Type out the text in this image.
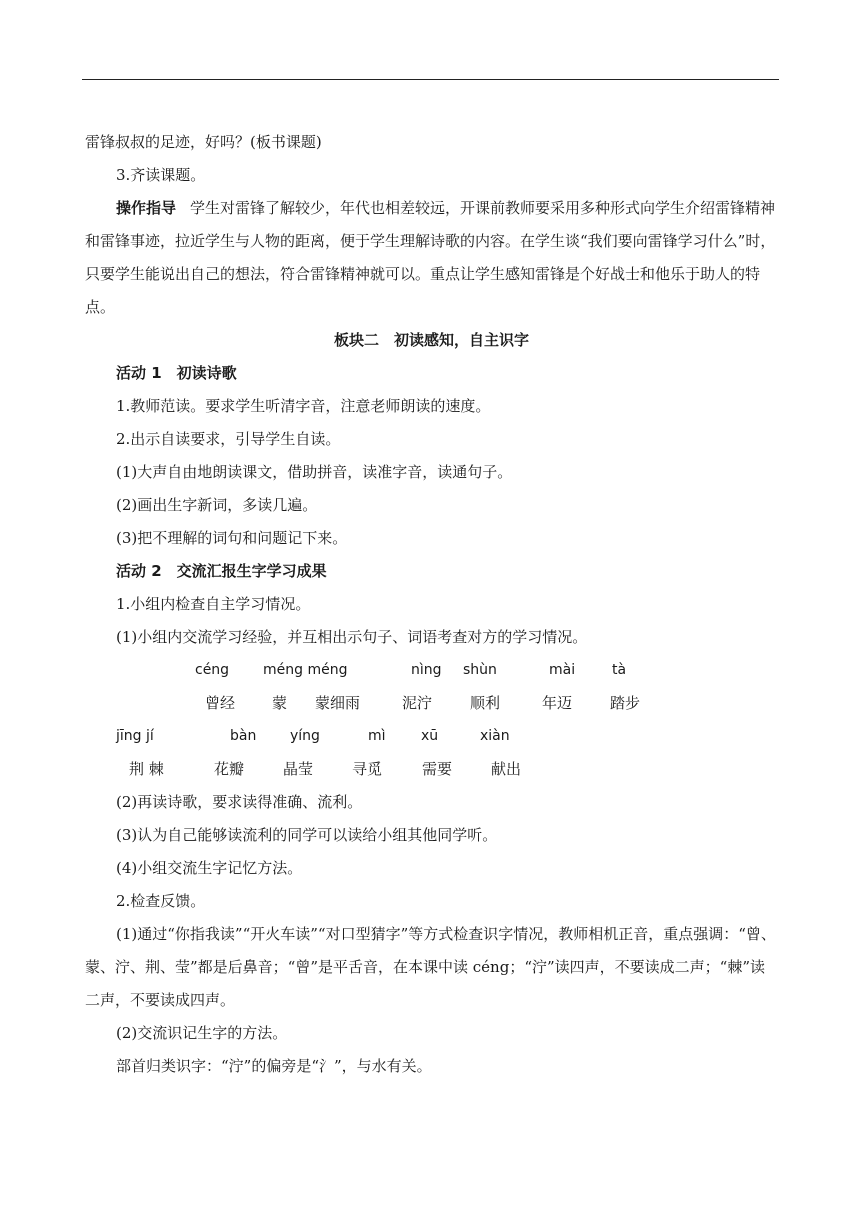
雷锋叔叔的足迹，好吗？(板书课题)

3.齐读课题。

操作指导 学生对雷锋了解较少，年代也相差较远，开课前教师要采用多种形式向学生介绍雷锋精神和雷锋事迹，拉近学生与人物的距离，便于学生理解诗歌的内容。在学生谈“我们要向雷锋学习什么”时，只要学生能说出自己的想法，符合雷锋精神就可以。重点让学生感知雷锋是个好战士和他乐于助人的特点。

板块二　初读感知，自主识字

活动 1　初读诗歌

1.教师范读。要求学生听清字音，注意老师朗读的速度。

2.出示自读要求，引导学生自读。

(1)大声自由地朗读课文，借助拼音，读准字音，读通句子。

(2)画出生字新词，多读几遍。

(3)把不理解的词句和问题记下来。

活动 2　交流汇报生字学习成果

1.小组内检查自主学习情况。

(1)小组内交流学习经验，并互相出示句子、词语考查对方的学习情况。

céng méng méng	nìng shùn	mài	tà
曾经 蒙 蒙细雨	泥泞	顺利	年迈	踏步
jīng jí	bàn yíng	mì	xū	xiàn
荆 棘	花瓣	晶莹	寻觅	需要	献出

(2)再读诗歌，要求读得准确、流利。

(3)认为自己能够读流利的同学可以读给小组其他同学听。

(4)小组交流生字记忆方法。

2.检查反馈。

(1)通过“你指我读”“开火车读”“对口型猜字”等方式检查识字情况，教师相机正音，重点强调：“曾、蒙、泞、荆、莹”都是后鼻音；“曾”是平舌音，在本课中读 céng；“泞”读四声，不要读成二声；“棘”读二声，不要读成四声。

(2)交流识记生字的方法。

部首归类识字：“泞”的偏旁是“氵”，与水有关。
